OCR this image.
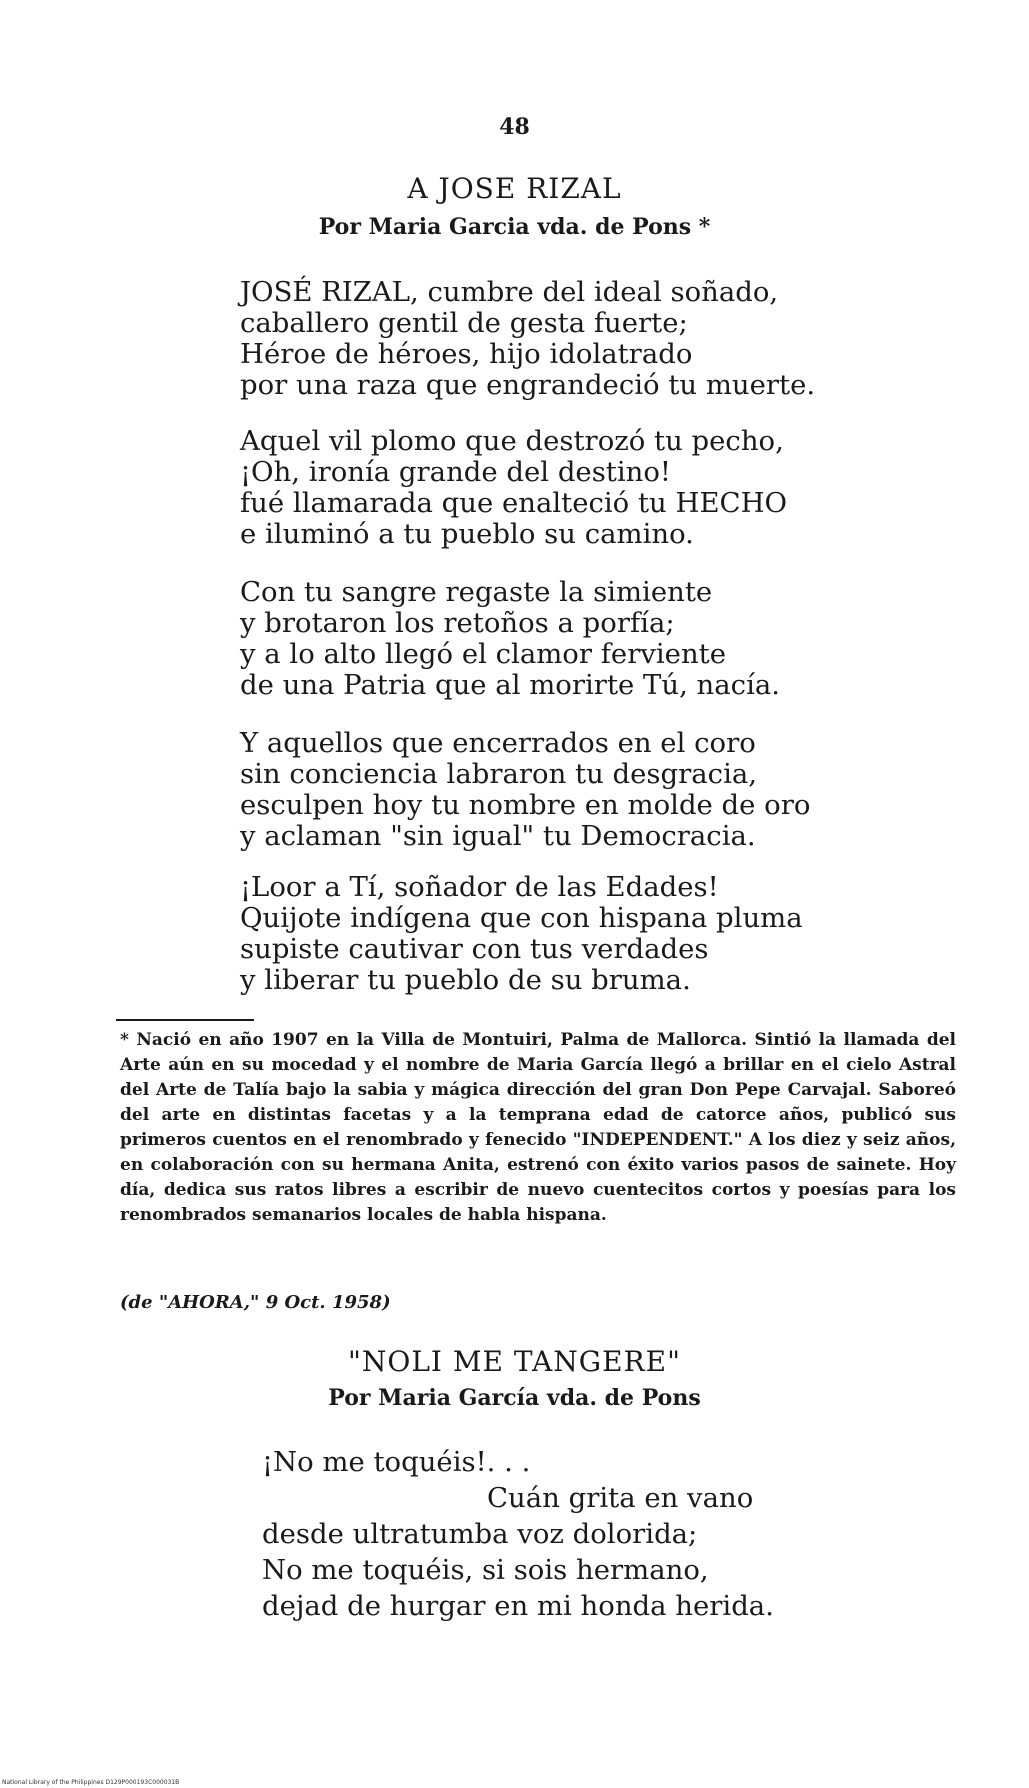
48
A JOSE RIZAL
Por Maria Garcia vda. de Pons *
JOSÉ RIZAL, cumbre del ideal soñado,
caballero gentil de gesta fuerte;
Héroe de héroes, hijo idolatrado
por una raza que engrandeció tu muerte.
Aquel vil plomo que destrozó tu pecho,
¡Oh, ironía grande del destino!
fué llamarada que enalteció tu HECHO
e iluminó a tu pueblo su camino.
Con tu sangre regaste la simiente
y brotaron los retoños a porfía;
y a lo alto llegó el clamor ferviente
de una Patria que al morirte Tú, nacía.
Y aquellos que encerrados en el coro
sin conciencia labraron tu desgracia,
esculpen hoy tu nombre en molde de oro
y aclaman "sin igual" tu Democracia.
¡Loor a Tí, soñador de las Edades!
Quijote indígena que con hispana pluma
supiste cautivar con tus verdades
y liberar tu pueblo de su bruma.
* Nació en año 1907 en la Villa de Montuiri, Palma de Mallorca. Sintió la llamada del Arte aún en su mocedad y el nombre de Maria García llegó a brillar en el cielo Astral del Arte de Talía bajo la sabia y mágica dirección del gran Don Pepe Carvajal. Saboreó del arte en distintas facetas y a la temprana edad de catorce años, publicó sus primeros cuentos en el renombrado y fenecido "INDEPENDENT." A los diez y seiz años, en colaboración con su hermana Anita, estrenó con éxito varios pasos de sainete. Hoy día, dedica sus ratos libres a escribir de nuevo cuentecitos cortos y poesías para los renombrados semanarios locales de habla hispana.
(de "AHORA," 9 Oct. 1958)
"NOLI ME TANGERE"
Por Maria García vda. de Pons
¡No me toquéis!. . .
Cuán grita en vano
desde ultratumba voz dolorida;
No me toquéis, si sois hermano,
dejad de hurgar en mi honda herida.
National Library of the Philippines D129P000193C000031B
